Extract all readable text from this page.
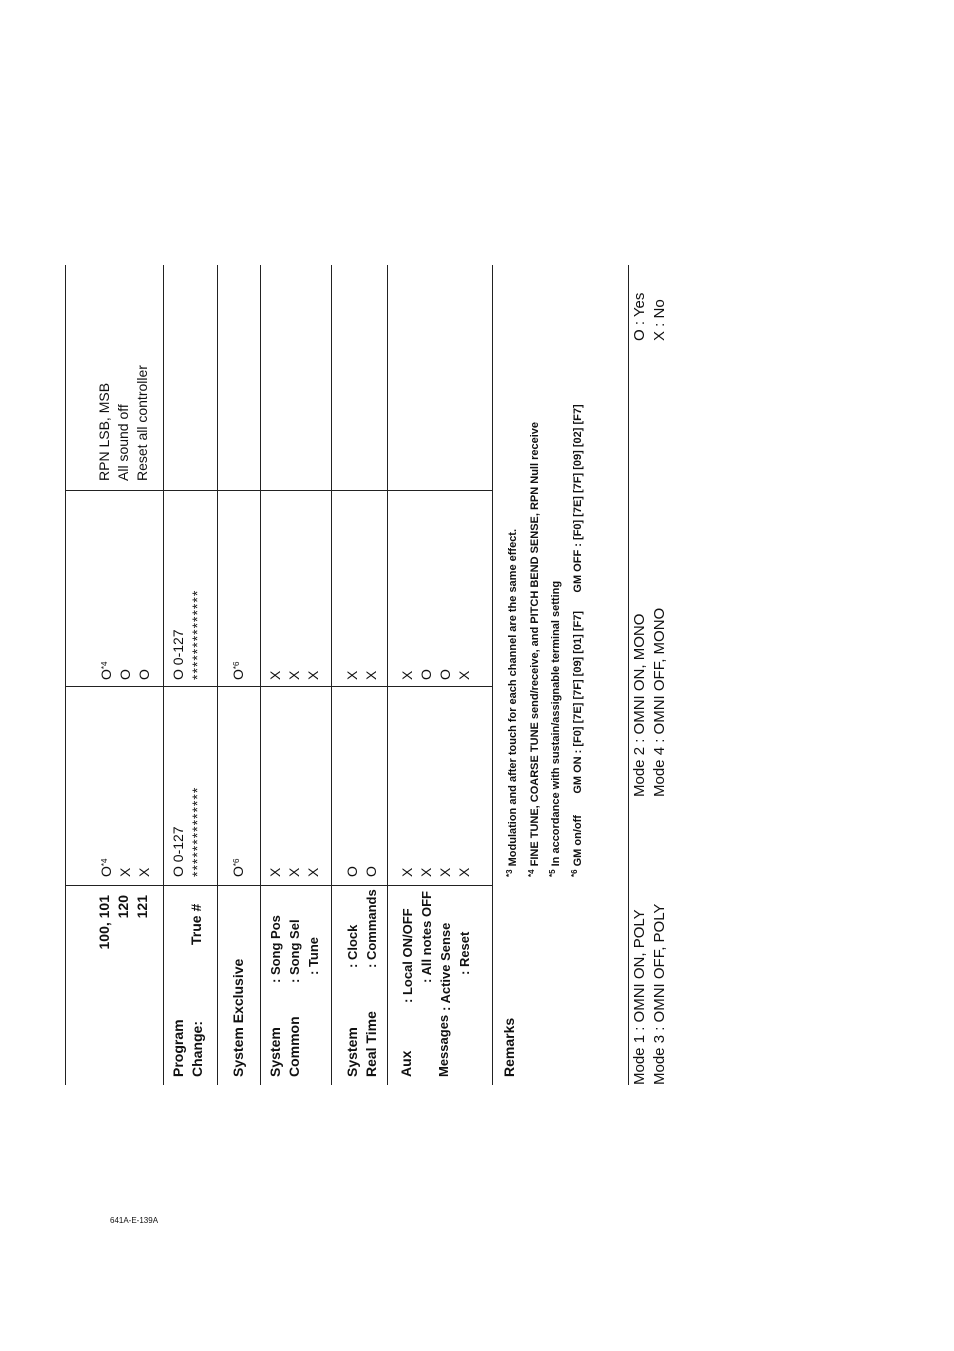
100, 101 120 121
$O^{*4}$
X X
$O^{*4}$
O O
RPN LSB, MSB All sound off Reset all controller
Program Change:
True #
O 0-127 **************
O 0-127 **************
System Exclusive
$O^{*6}$
$O^{*6}$
System Common
: Song Pos : Song Sel : Tune
X X X
X X X
System Real Time
: Clock : Commands
O O
X X
Aux Messages
: Local ON/OFF : All notes OFF : Active Sense : Reset
X X X X
X O O X
Remarks
$^{*3}$ Modulation and after touch for each channel are the same effect.
$^{*4}$ FINE TUNE, COARSE TUNE send/receive, and PITCH BEND SENSE, RPN Null receive
$^{*5}$ In accordance with sustain/assignable terminal setting
$^{*6}$ GM on/off       GM ON : [F0] [7E] [7F] [09] [01] [F7]      GM OFF : [F0] [7E] [7F] [09] [02] [F7]
Mode 1 : OMNI ON, POLY Mode 3 : OMNI OFF, POLY
Mode 2 : OMNI ON, MONO Mode 4 : OMNI OFF, MONO
O : Yes X : No
641A-E-139A
